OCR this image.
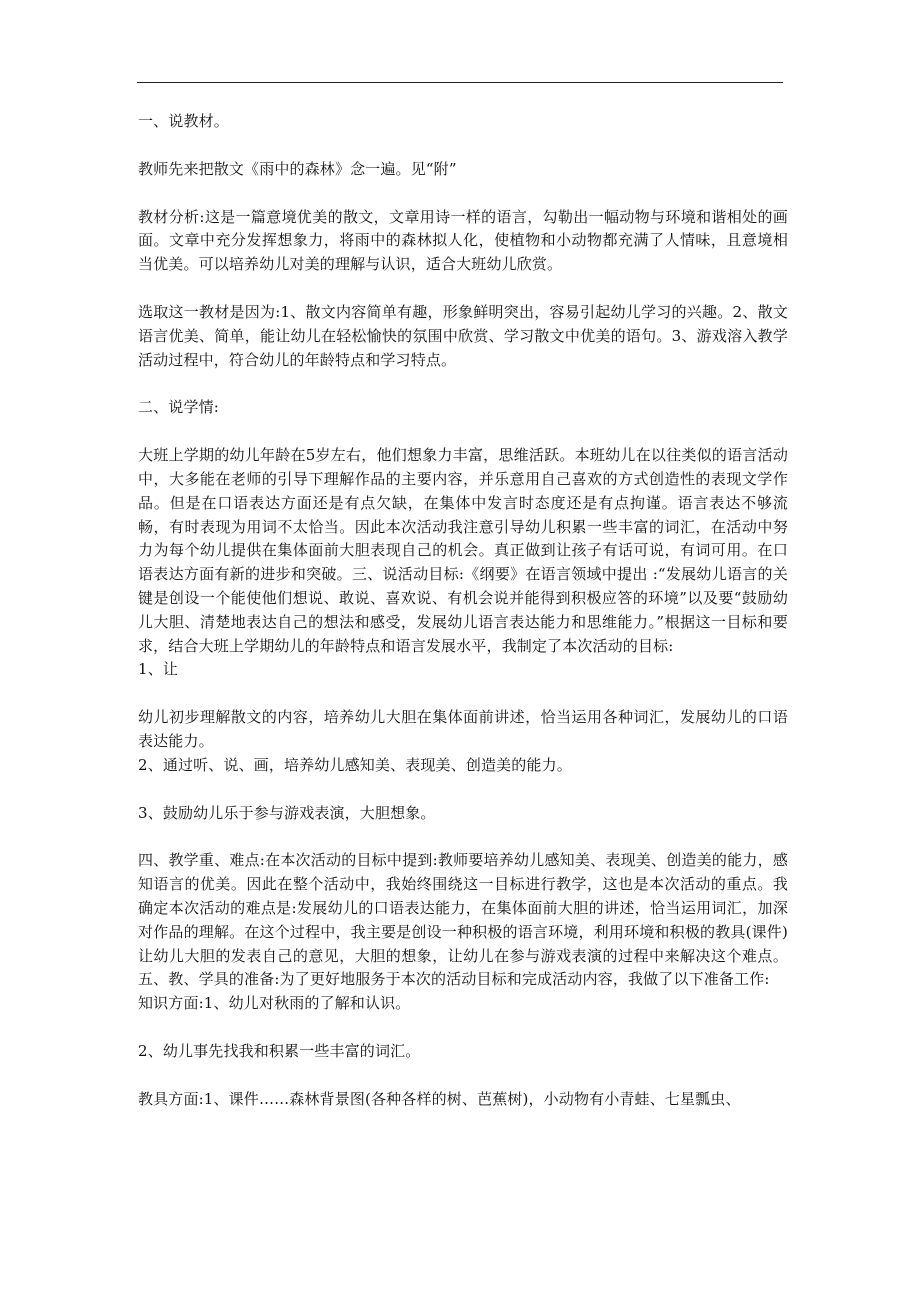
一、说教材。

教师先来把散文《雨中的森林》念一遍。见“附”

教材分析:这是一篇意境优美的散文，文章用诗一样的语言，勾勒出一幅动物与环境和谐相处的画面。文章中充分发挥想象力，将雨中的森林拟人化，使植物和小动物都充满了人情味，且意境相当优美。可以培养幼儿对美的理解与认识，适合大班幼儿欣赏。

选取这一教材是因为:1、散文内容简单有趣，形象鲜明突出，容易引起幼儿学习的兴趣。2、散文语言优美、简单，能让幼儿在轻松愉快的氛围中欣赏、学习散文中优美的语句。3、游戏溶入教学活动过程中，符合幼儿的年龄特点和学习特点。

二、说学情:

大班上学期的幼儿年龄在5岁左右，他们想象力丰富，思维活跃。本班幼儿在以往类似的语言活动中，大多能在老师的引导下理解作品的主要内容，并乐意用自己喜欢的方式创造性的表现文学作品。但是在口语表达方面还是有点欠缺，在集体中发言时态度还是有点拘谨。语言表达不够流畅，有时表现为用词不太恰当。因此本次活动我注意引导幼儿积累一些丰富的词汇，在活动中努力为每个幼儿提供在集体面前大胆表现自己的机会。真正做到让孩子有话可说，有词可用。在口语表达方面有新的进步和突破。三、说活动目标:《纲要》在语言领域中提出 :“发展幼儿语言的关键是创设一个能使他们想说、敢说、喜欢说、有机会说并能得到积极应答的环境”以及要“鼓励幼儿大胆、清楚地表达自己的想法和感受，发展幼儿语言表达能力和思维能力。”根据这一目标和要求，结合大班上学期幼儿的年龄特点和语言发展水平，我制定了本次活动的目标:

1、让

幼儿初步理解散文的内容，培养幼儿大胆在集体面前讲述，恰当运用各种词汇，发展幼儿的口语表达能力。

2、通过听、说、画，培养幼儿感知美、表现美、创造美的能力。

3、鼓励幼儿乐于参与游戏表演，大胆想象。

四、教学重、难点:在本次活动的目标中提到:教师要培养幼儿感知美、表现美、创造美的能力，感知语言的优美。因此在整个活动中，我始终围绕这一目标进行教学，这也是本次活动的重点。我确定本次活动的难点是:发展幼儿的口语表达能力，在集体面前大胆的讲述，恰当运用词汇，加深对作品的理解。在这个过程中，我主要是创设一种积极的语言环境，利用环境和积极的教具(课件)让幼儿大胆的发表自己的意见，大胆的想象，让幼儿在参与游戏表演的过程中来解决这个难点。五、教、学具的准备:为了更好地服务于本次的活动目标和完成活动内容，我做了以下准备工作:

知识方面:1、幼儿对秋雨的了解和认识。

2、幼儿事先找我和积累一些丰富的词汇。

教具方面:1、课件……森林背景图(各种各样的树、芭蕉树)，小动物有小青蛙、七星瓢虫、
